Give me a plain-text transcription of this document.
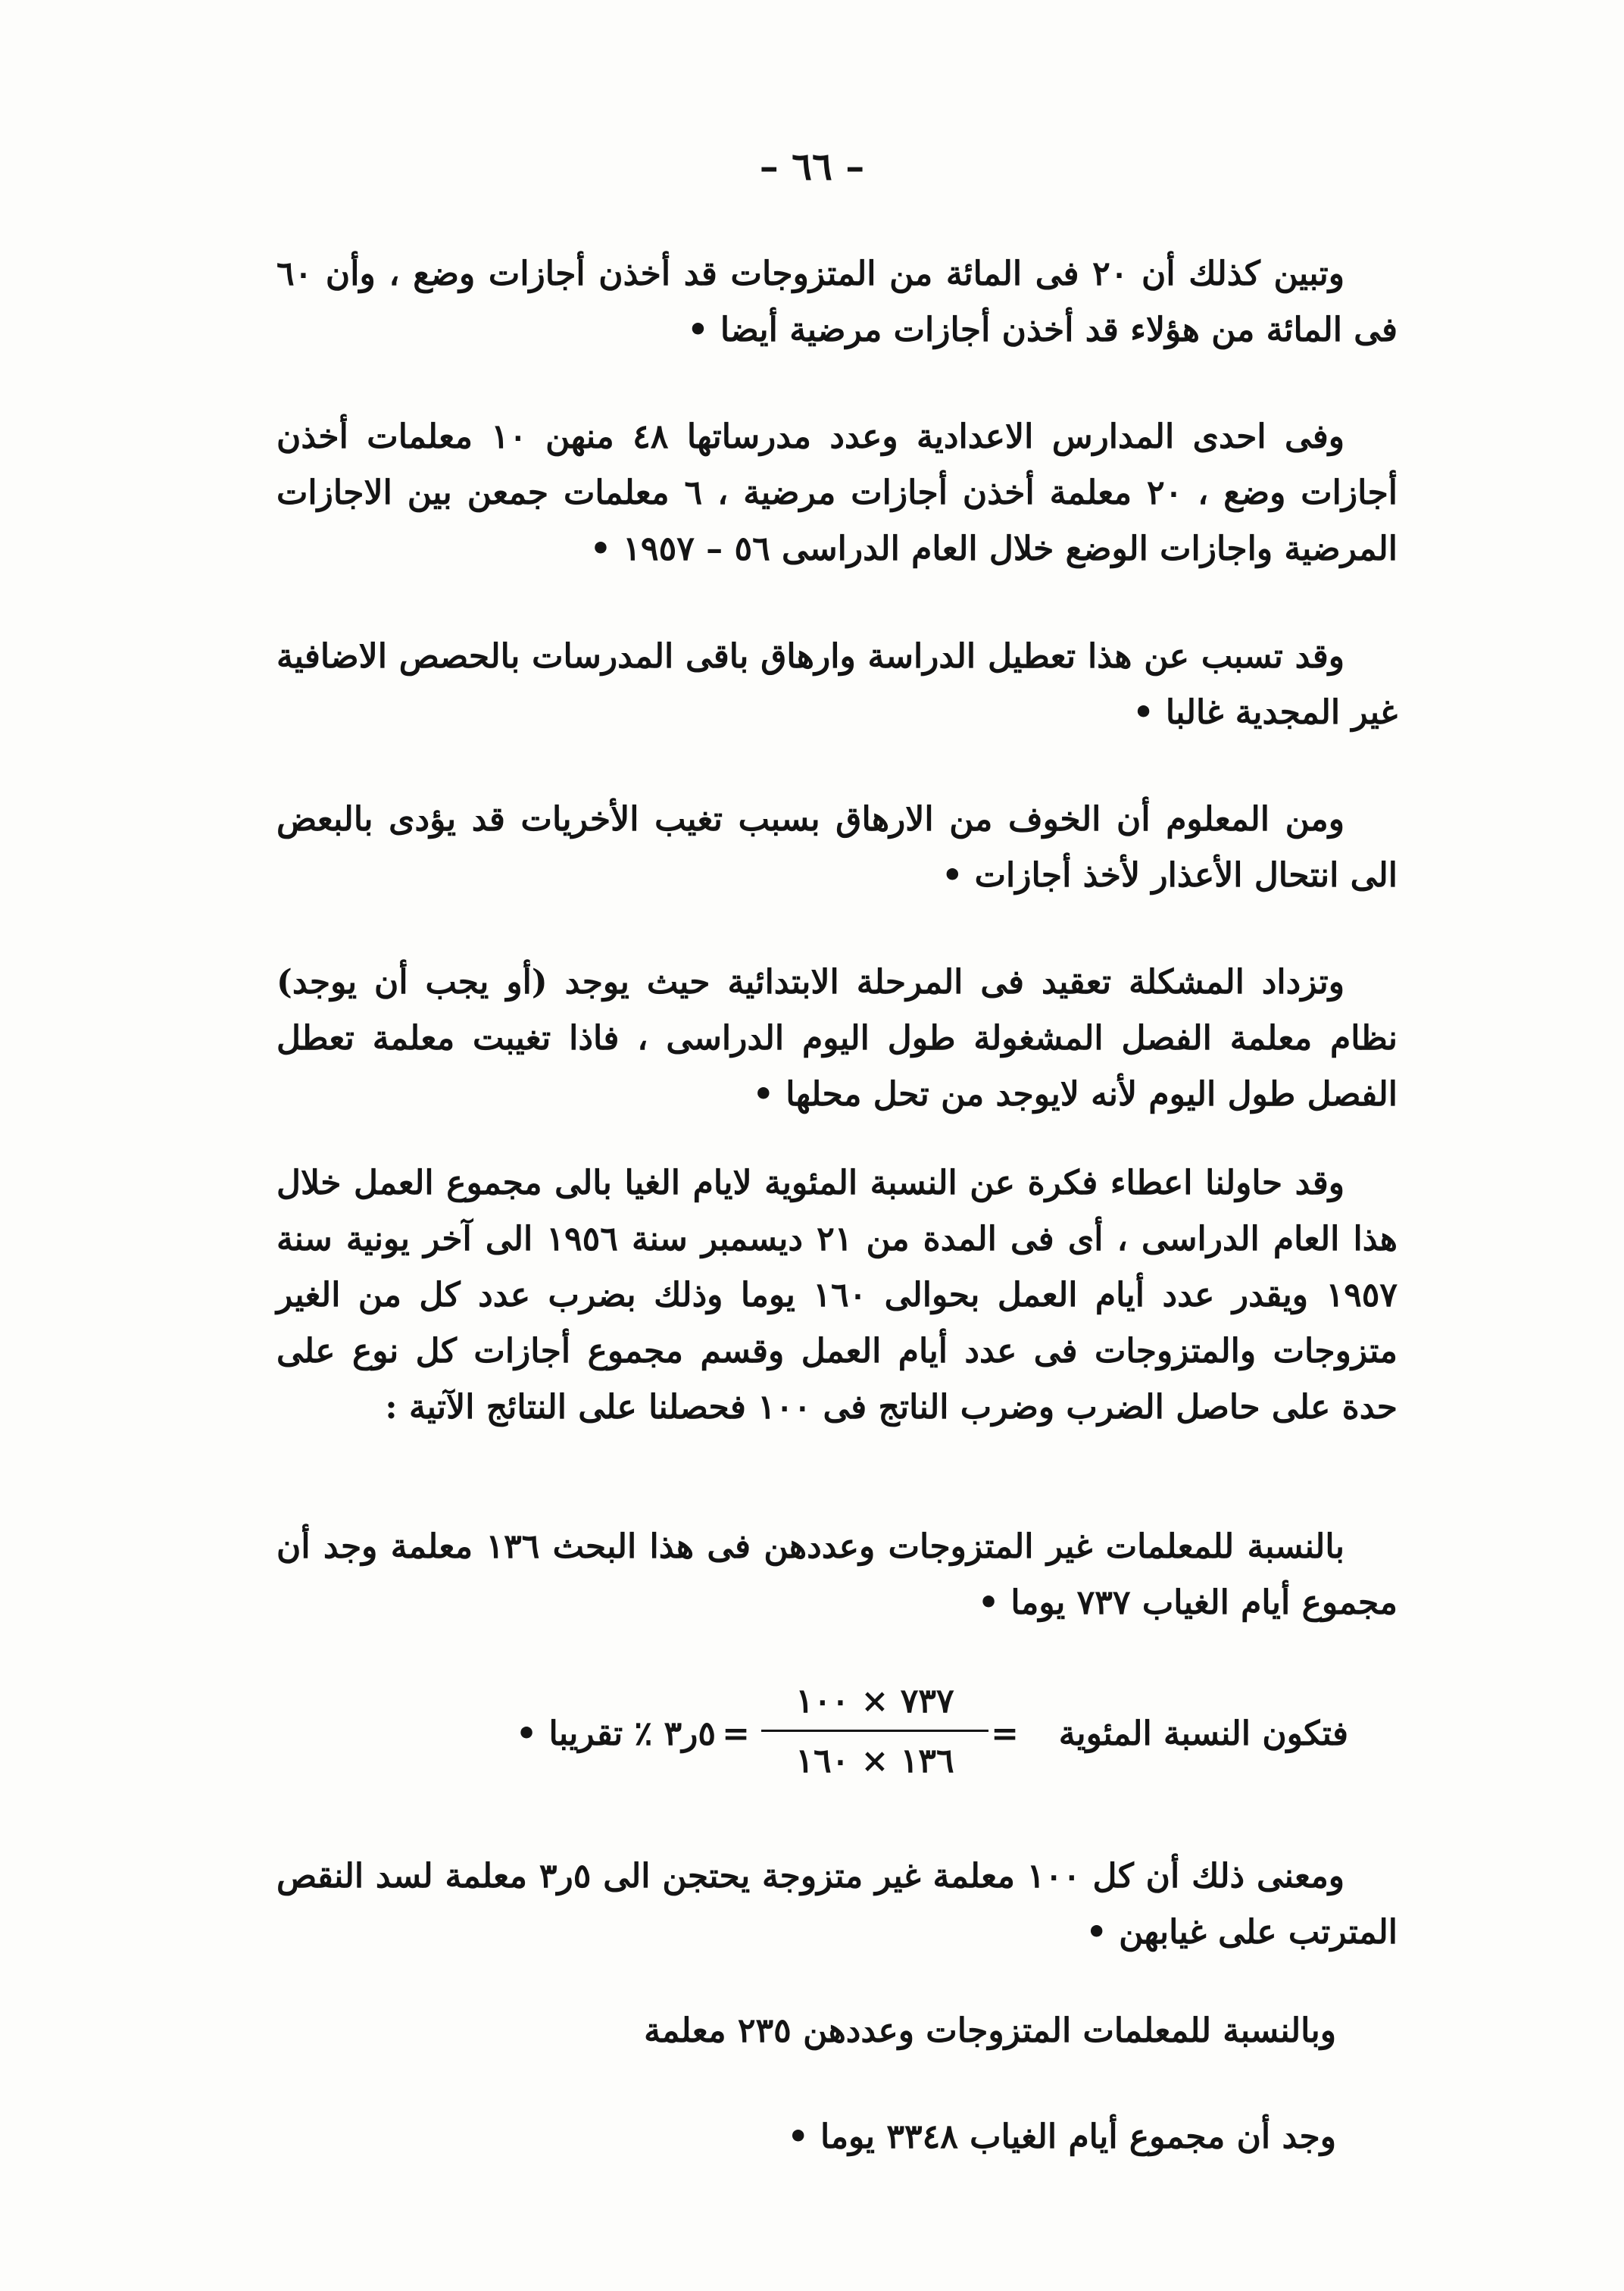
– ٦٦ –

وتبين كذلك أن ٢٠ فى المائة من المتزوجات قد أخذن أجازات وضع ، وأن ٦٠ فى المائة من هؤلاء قد أخذن أجازات مرضية أيضا •

وفى احدى المدارس الاعدادية وعدد مدرساتها ٤٨ منهن ١٠ معلمات أخذن أجازات وضع ، ٢٠ معلمة أخذن أجازات مرضية ، ٦ معلمات جمعن بين الاجازات المرضية واجازات الوضع خلال العام الدراسى ٥٦ – ١٩٥٧ •

وقد تسبب عن هذا تعطيل الدراسة وارهاق باقى المدرسات بالحصص الاضافية غير المجدية غالبا •

ومن المعلوم أن الخوف من الارهاق بسبب تغيب الأخريات قد يؤدى بالبعض الى انتحال الأعذار لأخذ أجازات •

وتزداد المشكلة تعقيد فى المرحلة الابتدائية حيث يوجد (أو يجب أن يوجد) نظام معلمة الفصل المشغولة طول اليوم الدراسى ، فاذا تغيبت معلمة تعطل الفصل طول اليوم لأنه لايوجد من تحل محلها •

وقد حاولنا اعطاء فكرة عن النسبة المئوية لايام الغيا بالى مجموع العمل خلال هذا العام الدراسى ، أى فى المدة من ٢١ ديسمبر سنة ١٩٥٦ الى آخر يونية سنة ١٩٥٧ ويقدر عدد أيام العمل بحوالى ١٦٠ يوما وذلك بضرب عدد كل من الغير متزوجات والمتزوجات فى عدد أيام العمل وقسم مجموع أجازات كل نوع على حدة على حاصل الضرب وضرب الناتج فى ١٠٠ فحصلنا على النتائج الآتية :

بالنسبة للمعلمات غير المتزوجات وعددهن فى هذا البحث ١٣٦ معلمة وجد أن مجموع أيام الغياب ٧٣٧ يوما •

فتكون النسبة المئوية
=
٧٣٧ × ١٠٠
١٣٦ × ١٦٠
=
٥ر٣ ٪ تقريبا •

ومعنى ذلك أن كل ١٠٠ معلمة غير متزوجة يحتجن الى ٥ر٣ معلمة لسد النقص المترتب على غيابهن •

وبالنسبة للمعلمات المتزوجات وعددهن ٢٣٥ معلمة
وجد أن مجموع أيام الغياب ٣٣٤٨ يوما •
